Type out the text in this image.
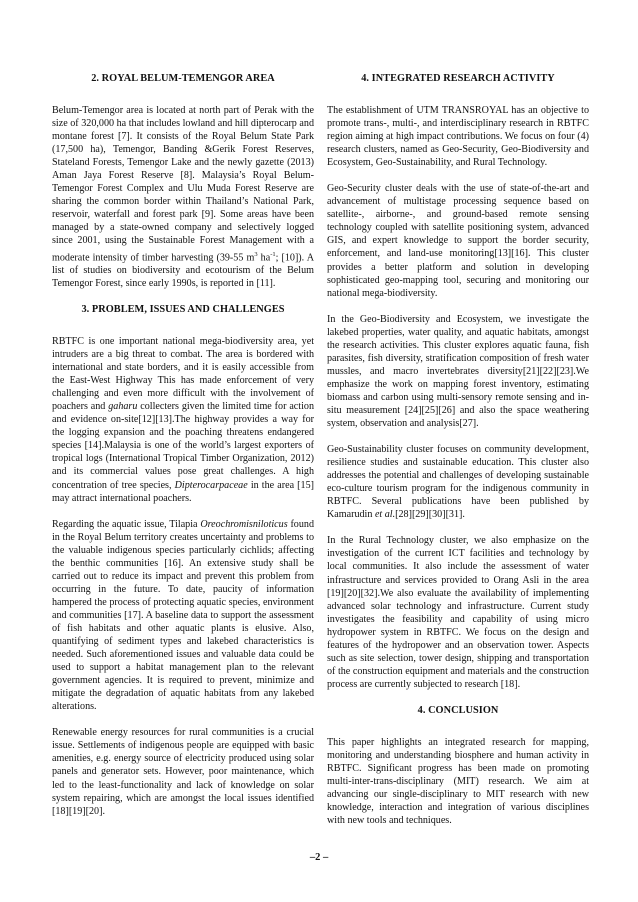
2. ROYAL BELUM-TEMENGOR AREA

Belum-Temengor area is located at north part of Perak with the size of 320,000 ha that includes lowland and hill dipterocarp and montane forest [7]. It consists of the Royal Belum State Park (17,500 ha), Temengor, Banding &Gerik Forest Reserves, Stateland Forests, Temengor Lake and the newly gazette (2013) Aman Jaya Forest Reserve [8]. Malaysia’s Royal Belum-Temengor Forest Complex and Ulu Muda Forest Reserve are sharing the common border within Thailand’s National Park, reservoir, waterfall and forest park [9]. Some areas have been managed by a state-owned company and selectively logged since 2001, using the Sustainable Forest Management with a moderate intensity of timber harvesting (39-55 $m^3$ $ha^{-1}$; [10]). A list of studies on biodiversity and ecotourism of the Belum Temengor Forest, since early 1990s, is reported in [11].

3. PROBLEM, ISSUES AND CHALLENGES

RBTFC is one important national mega-biodiversity area, yet intruders are a big threat to combat. The area is bordered with international and state borders, and it is easily accessible from the East-West Highway This has made enforcement of very challenging and even more difficult with the involvement of poachers and gaharu collecters given the limited time for action and evidence on-site[12][13].The highway provides a way for the logging expansion and the poaching threatens endangered species [14].Malaysia is one of the world’s largest exporters of tropical logs (International Tropical Timber Organization, 2012) and its commercial values pose great challenges. A high concentration of tree species, Dipterocarpaceae in the area [15] may attract international poachers.

Regarding the aquatic issue, Tilapia Oreochromisniloticus found in the Royal Belum territory creates uncertainty and problems to the valuable indigenous species particularly cichlids; affecting the benthic communities [16]. An extensive study shall be carried out to reduce its impact and prevent this problem from occurring in the future. To date, paucity of information hampered the process of protecting aquatic species, environment and communities [17]. A baseline data to support the assessment of fish habitats and other aquatic plants is elusive. Also, quantifying of sediment types and lakebed characteristics is needed. Such aforementioned issues and valuable data could be used to support a habitat management plan to the relevant government agencies. It is required to prevent, minimize and mitigate the degradation of aquatic habitats from any lakebed alterations.

Renewable energy resources for rural communities is a crucial issue. Settlements of indigenous people are equipped with basic amenities, e.g. energy source of electricity produced using solar panels and generator sets. However, poor maintenance, which led to the least-functionality and lack of knowledge on solar system repairing, which are amongst the local issues identified [18][19][20].

4. INTEGRATED RESEARCH ACTIVITY

The establishment of UTM TRANSROYAL has an objective to promote trans-, multi-, and interdisciplinary research in RBTFC region aiming at high impact contributions. We focus on four (4) research clusters, named as Geo-Security, Geo-Biodiversity and Ecosystem, Geo-Sustainability, and Rural Technology.

Geo-Security cluster deals with the use of state-of-the-art and advancement of multistage processing sequence based on satellite-, airborne-, and ground-based remote sensing technology coupled with satellite positioning system, advanced GIS, and expert knowledge to support the border security, enforcement, and land-use monitoring[13][16]. This cluster provides a better platform and solution in developing sophisticated geo-mapping tool, securing and monitoring our national mega-biodiversity.

In the Geo-Biodiversity and Ecosystem, we investigate the lakebed properties, water quality, and aquatic habitats, amongst the research activities. This cluster explores aquatic fauna, fish parasites, fish diversity, stratification composition of fresh water mussles, and macro invertebrates diversity[21][22][23].We emphasize the work on mapping forest inventory, estimating biomass and carbon using multi-sensory remote sensing and in-situ measurement [24][25][26] and also the space weathering system, observation and analysis[27].

Geo-Sustainability cluster focuses on community development, resilience studies and sustainable education. This cluster also addresses the potential and challenges of developing sustainable eco-culture tourism program for the indigenous community in RBTFC. Several publications have been published by Kamarudin et al.[28][29][30][31].

In the Rural Technology cluster, we also emphasize on the investigation of the current ICT facilities and technology by local communities. It also include the assessment of water infrastructure and services provided to Orang Asli in the area [19][20][32].We also evaluate the availability of implementing advanced solar technology and infrastructure. Current study investigates the feasibility and capability of using micro hydropower system in RBTFC. We focus on the design and features of the hydropower and an observation tower. Aspects such as site selection, tower design, shipping and transportation of the construction equipment and materials and the construction process are currently subjected to research [18].

4. CONCLUSION

This paper highlights an integrated research for mapping, monitoring and understanding biosphere and human activity in RBTFC. Significant progress has been made on promoting multi-inter-trans-disciplinary (MIT) research. We aim at advancing our single-disciplinary to MIT research with new knowledge, interaction and integration of various disciplines with new tools and techniques.

–2 –
